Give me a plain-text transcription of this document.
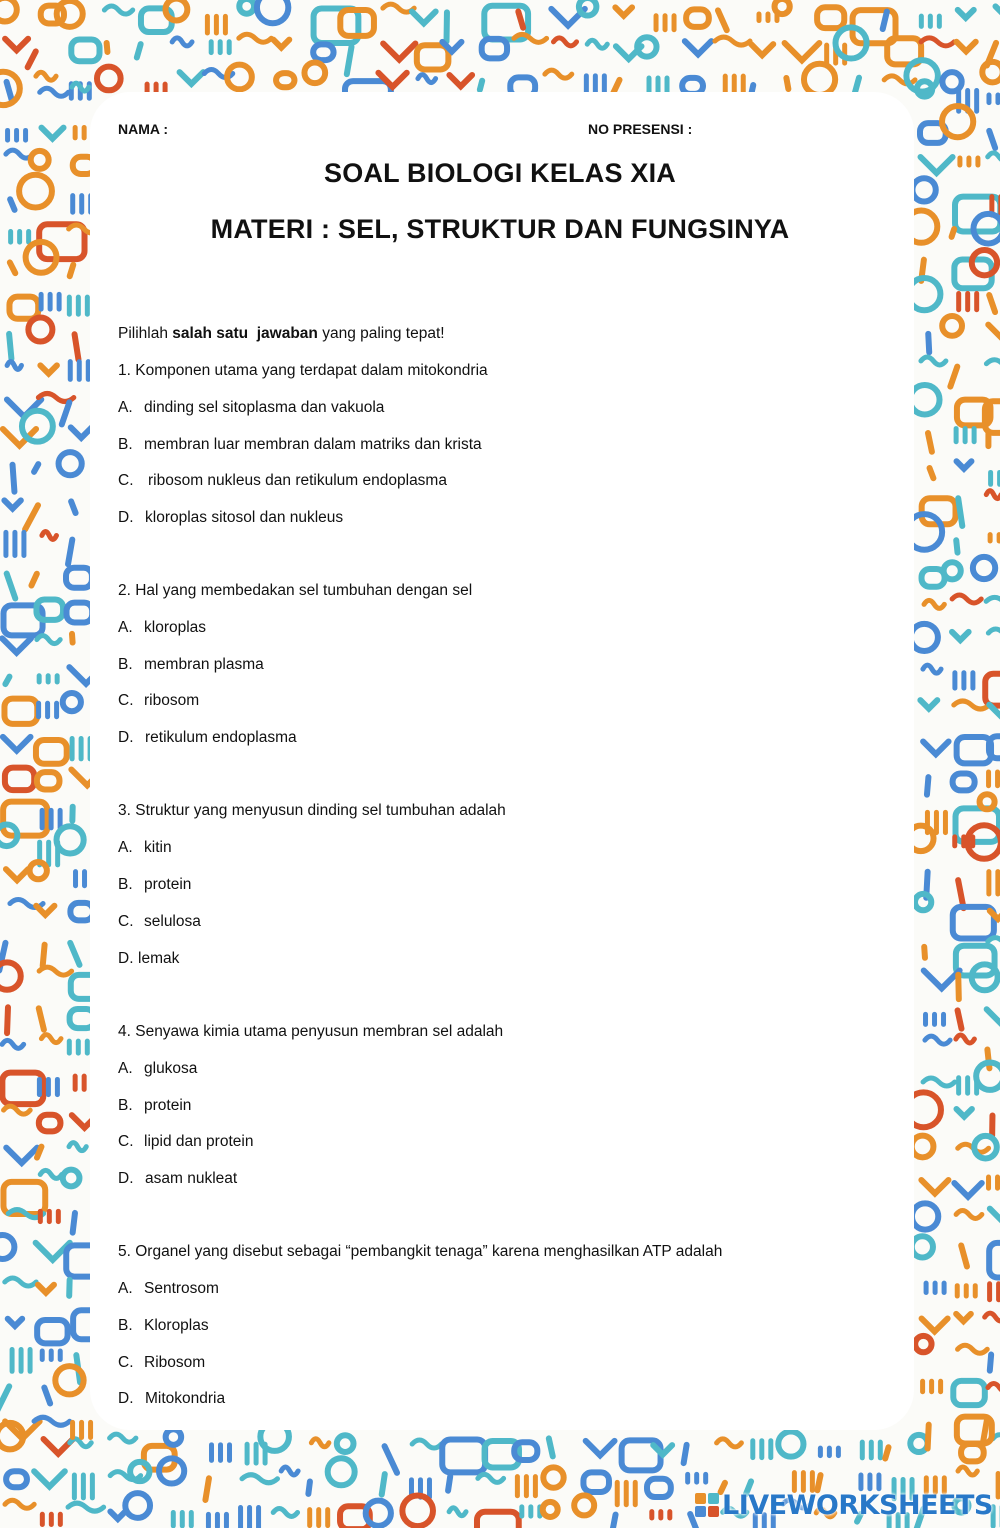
NAMA :	NO PRESENSI :
SOAL BIOLOGI KELAS XIA
MATERI : SEL, STRUKTUR DAN FUNGSINYA
Pilihlah salah satu jawaban yang paling tepat!
1. Komponen utama yang terdapat dalam mitokondria
A. dinding sel sitoplasma dan vakuola
B. membran luar membran dalam matriks dan krista
C. ribosom nukleus dan retikulum endoplasma
D. kloroplas sitosol dan nukleus
2. Hal yang membedakan sel tumbuhan dengan sel
A. kloroplas
B. membran plasma
C. ribosom
D. retikulum endoplasma
3. Struktur yang menyusun dinding sel tumbuhan adalah
A. kitin
B. protein
C. selulosa
D. lemak
4. Senyawa kimia utama penyusun membran sel adalah
A. glukosa
B. protein
C. lipid dan protein
D. asam nukleat
5. Organel yang disebut sebagai “pembangkit tenaga” karena menghasilkan ATP adalah
A. Sentrosom
B. Kloroplas
C. Ribosom
D. Mitokondria
LIVEWORKSHEETS
